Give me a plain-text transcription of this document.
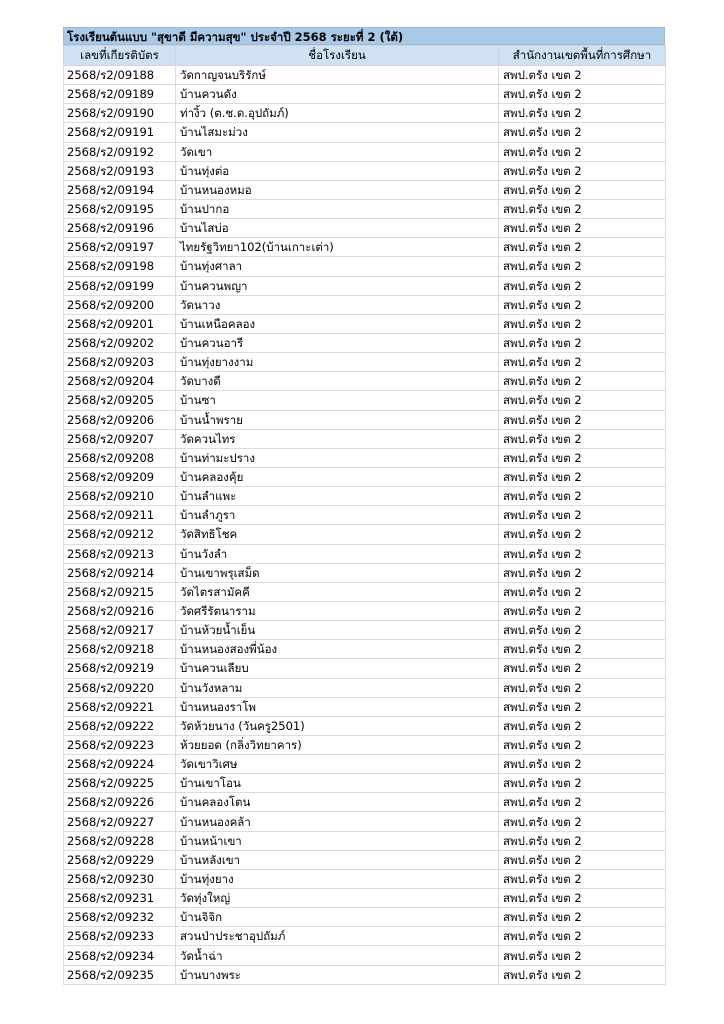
โรงเรียนต้นแบบ "สุขาดี มีความสุข" ประจำปี 2568 ระยะที่ 2 (ใต้)
เลขที่เกียรติบัตร	ชื่อโรงเรียน	สำนักงานเขตพื้นที่การศึกษา
2568/ร2/09188	วัดกาญจนบริรักษ์	สพป.ตรัง เขต 2
2568/ร2/09189	บ้านควนดัง	สพป.ตรัง เขต 2
2568/ร2/09190	ท่างิ้ว (ต.ช.ด.อุปถัมภ์)	สพป.ตรัง เขต 2
2568/ร2/09191	บ้านไสมะม่วง	สพป.ตรัง เขต 2
2568/ร2/09192	วัดเขา	สพป.ตรัง เขต 2
2568/ร2/09193	บ้านทุ่งต่อ	สพป.ตรัง เขต 2
2568/ร2/09194	บ้านหนองหมอ	สพป.ตรัง เขต 2
2568/ร2/09195	บ้านปากอ	สพป.ตรัง เขต 2
2568/ร2/09196	บ้านไสบ่อ	สพป.ตรัง เขต 2
2568/ร2/09197	ไทยรัฐวิทยา102(บ้านเกาะเต่า)	สพป.ตรัง เขต 2
2568/ร2/09198	บ้านทุ่งศาลา	สพป.ตรัง เขต 2
2568/ร2/09199	บ้านควนพญา	สพป.ตรัง เขต 2
2568/ร2/09200	วัดนาวง	สพป.ตรัง เขต 2
2568/ร2/09201	บ้านเหนือคลอง	สพป.ตรัง เขต 2
2568/ร2/09202	บ้านควนอารี	สพป.ตรัง เขต 2
2568/ร2/09203	บ้านทุ่งยางงาม	สพป.ตรัง เขต 2
2568/ร2/09204	วัดบางดี	สพป.ตรัง เขต 2
2568/ร2/09205	บ้านซา	สพป.ตรัง เขต 2
2568/ร2/09206	บ้านน้ำพราย	สพป.ตรัง เขต 2
2568/ร2/09207	วัดควนไทร	สพป.ตรัง เขต 2
2568/ร2/09208	บ้านท่ามะปราง	สพป.ตรัง เขต 2
2568/ร2/09209	บ้านคลองคุ้ย	สพป.ตรัง เขต 2
2568/ร2/09210	บ้านลำแพะ	สพป.ตรัง เขต 2
2568/ร2/09211	บ้านลำภูรา	สพป.ตรัง เขต 2
2568/ร2/09212	วัดสิทธิโชค	สพป.ตรัง เขต 2
2568/ร2/09213	บ้านวังลำ	สพป.ตรัง เขต 2
2568/ร2/09214	บ้านเขาพรุเสม็ด	สพป.ตรัง เขต 2
2568/ร2/09215	วัดไตรสามัคคี	สพป.ตรัง เขต 2
2568/ร2/09216	วัดศรีรัตนาราม	สพป.ตรัง เขต 2
2568/ร2/09217	บ้านห้วยน้ำเย็น	สพป.ตรัง เขต 2
2568/ร2/09218	บ้านหนองสองพี่น้อง	สพป.ตรัง เขต 2
2568/ร2/09219	บ้านควนเลียบ	สพป.ตรัง เขต 2
2568/ร2/09220	บ้านวังหลาม	สพป.ตรัง เขต 2
2568/ร2/09221	บ้านหนองราโพ	สพป.ตรัง เขต 2
2568/ร2/09222	วัดห้วยนาง (วันครู2501)	สพป.ตรัง เขต 2
2568/ร2/09223	ห้วยยอด (กลิ่งวิทยาคาร)	สพป.ตรัง เขต 2
2568/ร2/09224	วัดเขาวิเศษ	สพป.ตรัง เขต 2
2568/ร2/09225	บ้านเขาโอน	สพป.ตรัง เขต 2
2568/ร2/09226	บ้านคลองโตน	สพป.ตรัง เขต 2
2568/ร2/09227	บ้านหนองคล้า	สพป.ตรัง เขต 2
2568/ร2/09228	บ้านหน้าเขา	สพป.ตรัง เขต 2
2568/ร2/09229	บ้านหลังเขา	สพป.ตรัง เขต 2
2568/ร2/09230	บ้านทุ่งยาง	สพป.ตรัง เขต 2
2568/ร2/09231	วัดทุ่งใหญ่	สพป.ตรัง เขต 2
2568/ร2/09232	บ้านจิจิก	สพป.ตรัง เขต 2
2568/ร2/09233	สวนป่าประชาอุปถัมภ์	สพป.ตรัง เขต 2
2568/ร2/09234	วัดน้ำฉ่า	สพป.ตรัง เขต 2
2568/ร2/09235	บ้านบางพระ	สพป.ตรัง เขต 2
